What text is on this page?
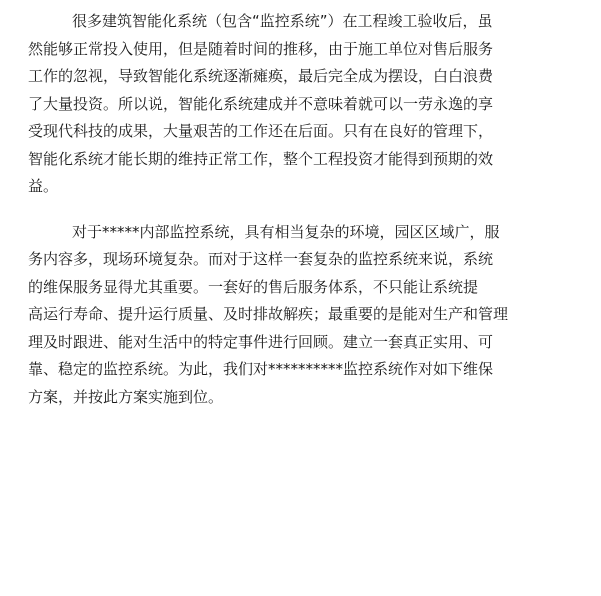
很多建筑智能化系统（包含“监控系统”）在工程竣工验收后，虽
然能够正常投入使用，但是随着时间的推移，由于施工单位对售后服务
工作的忽视，导致智能化系统逐渐瘫痪，最后完全成为摆设，白白浪费
了大量投资。所以说，智能化系统建成并不意味着就可以一劳永逸的享
受现代科技的成果，大量艰苦的工作还在后面。只有在良好的管理下，
智能化系统才能长期的维持正常工作，整个工程投资才能得到预期的效
益。
对于*****内部监控系统，具有相当复杂的环境，园区区域广，服
务内容多，现场环境复杂。而对于这样一套复杂的监控系统来说，系统
的维保服务显得尤其重要。一套好的售后服务体系，不只能让系统提
高运行寿命、提升运行质量、及时排故解疾；最重要的是能对生产和管理
理及时跟进、能对生活中的特定事件进行回顾。建立一套真正实用、可
靠、稳定的监控系统。为此，我们对**********监控系统作对如下维保
方案，并按此方案实施到位。
